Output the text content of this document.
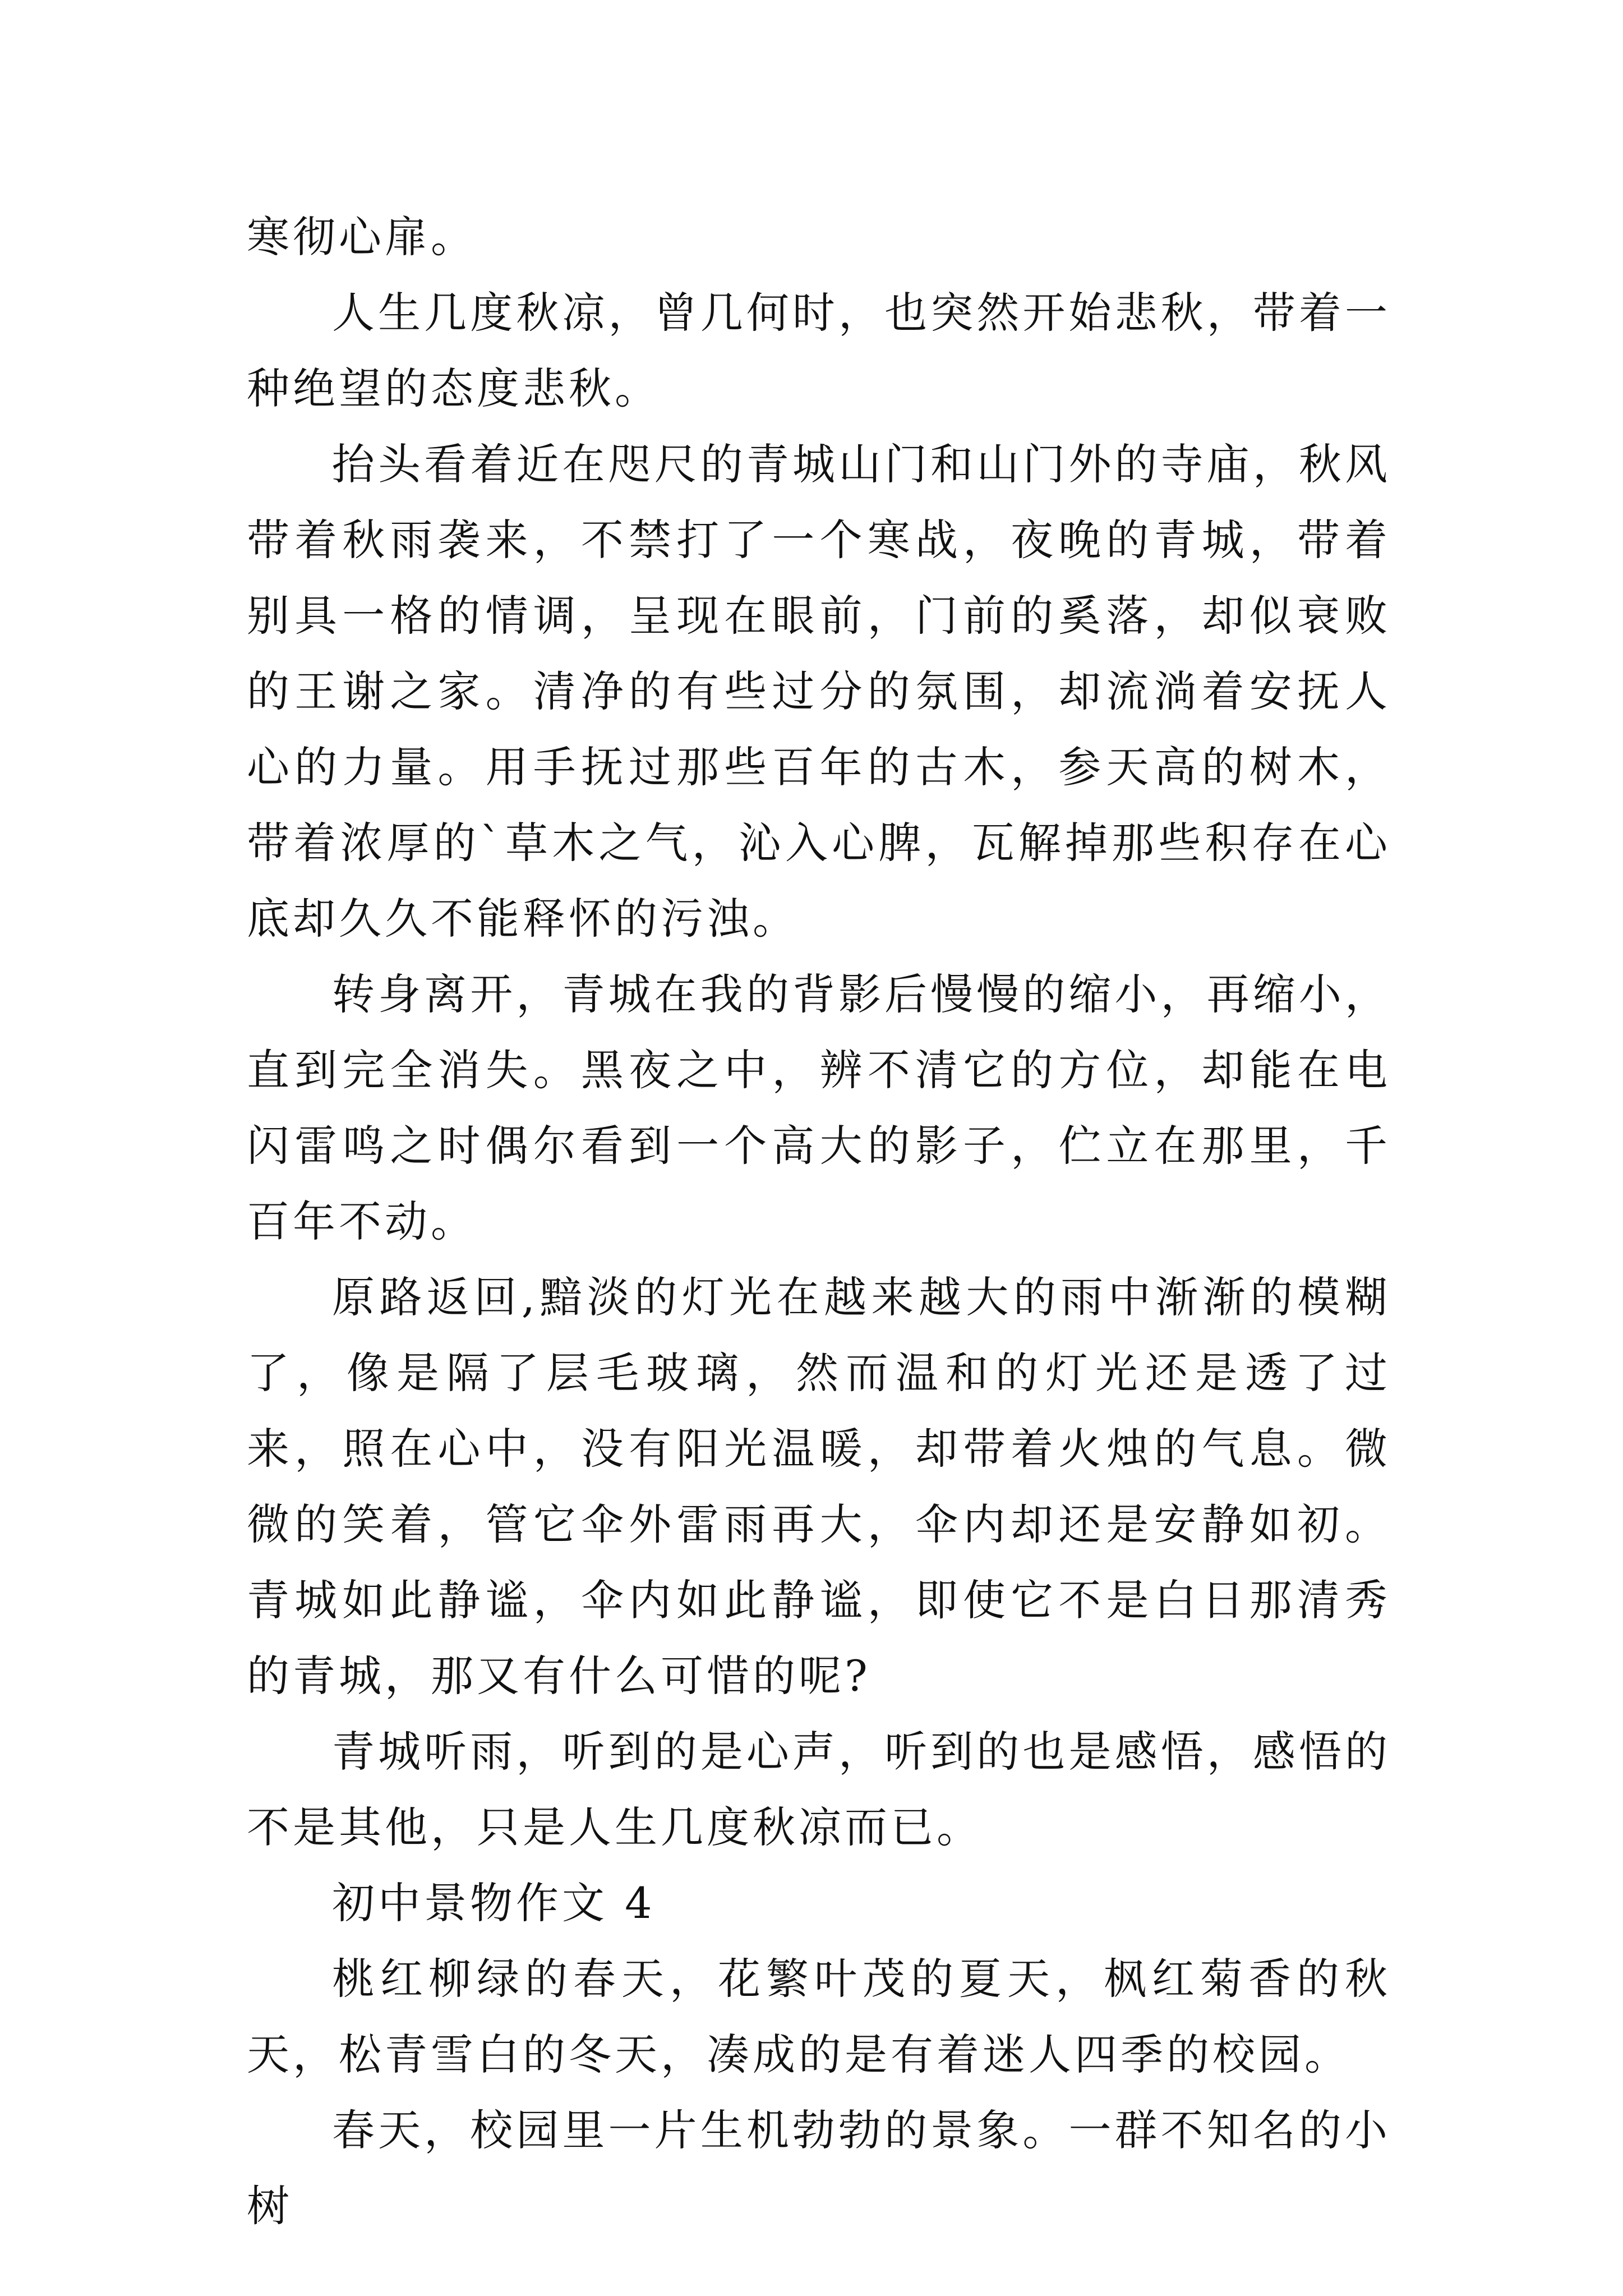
寒彻心扉。

人生几度秋凉，曾几何时，也突然开始悲秋，带着一种绝望的态度悲秋。

抬头看着近在咫尺的青城山门和山门外的寺庙，秋风带着秋雨袭来，不禁打了一个寒战，夜晚的青城，带着别具一格的情调，呈现在眼前，门前的奚落，却似衰败的王谢之家。清净的有些过分的氛围，却流淌着安抚人心的力量。用手抚过那些百年的古木，参天高的树木，带着浓厚的`草木之气，沁入心脾，瓦解掉那些积存在心底却久久不能释怀的污浊。

转身离开，青城在我的背影后慢慢的缩小，再缩小，直到完全消失。黑夜之中，辨不清它的方位，却能在电闪雷鸣之时偶尔看到一个高大的影子，伫立在那里，千百年不动。

原路返回,黯淡的灯光在越来越大的雨中渐渐的模糊了，像是隔了层毛玻璃，然而温和的灯光还是透了过来，照在心中，没有阳光温暖，却带着火烛的气息。微微的笑着，管它伞外雷雨再大，伞内却还是安静如初。青城如此静谧，伞内如此静谧，即使它不是白日那清秀的青城，那又有什么可惜的呢?

青城听雨，听到的是心声，听到的也是感悟，感悟的不是其他，只是人生几度秋凉而已。

初中景物作文 4

桃红柳绿的春天，花繁叶茂的夏天，枫红菊香的秋天，松青雪白的冬天，凑成的是有着迷人四季的校园。

春天，校园里一片生机勃勃的景象。一群不知名的小树
